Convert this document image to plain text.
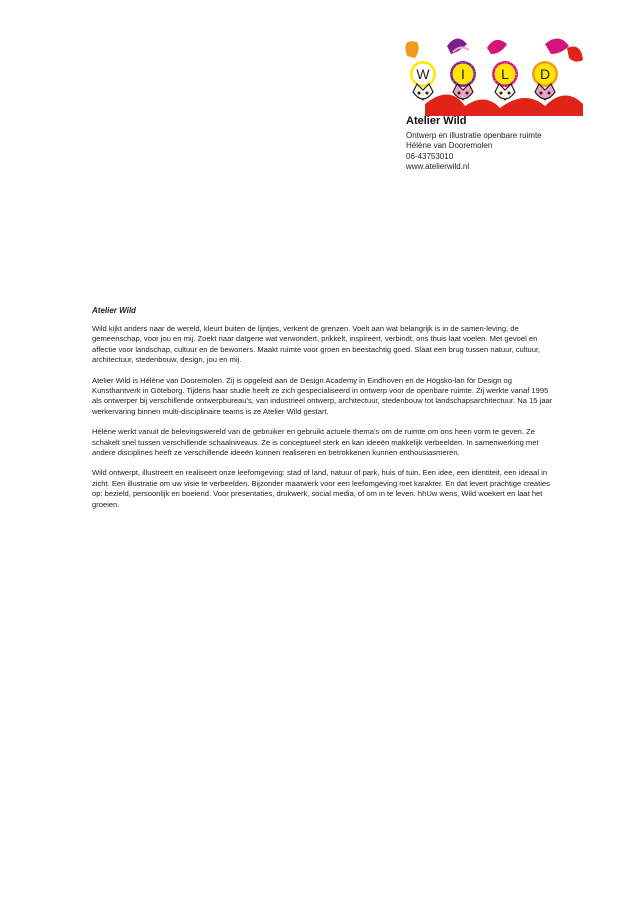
W I	L D
Atelier Wild
Ontwerp en illustratie openbare ruimte
Hélène van Dooremolen
06-43753010
www.atelierwild.nl

Atelier Wild

Wild kijkt anders naar de wereld, kleurt buiten de lijntjes, verkent de grenzen. Voelt aan wat belangrijk is in de samen-leving, de gemeenschap, voor jou en mij. Zoekt naar datgene wat verwondert, prikkelt, inspireert, verbindt, ons thuis laat voelen. Met gevoel en affectie voor landschap, cultuur en de bewoners. Maakt ruimte voor groen en beestachtig goed. Slaat een brug tussen natuur, cultuur, architectuur, stedenbouw, design, jou en mij.

Atelier Wild is Hélène van Dooremolen. Zij is opgeleid aan de Design Academy in Eindhoven en de Högsko-lan för Design og Kunsthantverk in Göteborg. Tijdens haar studie heeft ze zich gespecialiseerd in ontwerp voor de openbare ruimte. Zij werkte vanaf 1995 als ontwerper bij verschillende ontwerpbureau's, van industrieel ontwerp, architectuur, stedenbouw tot landschapsarchitectuur. Na 15 jaar werkervaring binnen multi-disciplinaire teams is ze Atelier Wild gestart.

Hélène werkt vanuit de belevingswereld van de gebruiker en gebruikt actuele thema's om de ruimte om ons heen vorm te geven. Ze schakelt snel tussen verschillende schaalniveaus. Ze is conceptueel sterk en kan ideeën makkelijk verbeelden. In samenwerking met andere disciplines heeft ze verschillende ideeën kunnen realiseren en betrokkenen kunnen enthousiasmeren.

Wild ontwerpt, illustreert en realiseert onze leefomgeving: stad of land, natuur of park, huis of tuin. Een idee, een identiteit, een ideaal in zicht. Een illustratie om uw visie te verbeelden. Bijzonder maatwerk voor een leefomgeving met karakter. En dat levert prachtige creaties op: bezield, persoonlijk en boeiend. Voor presentaties, drukwerk, social media, of om in te leven. hhUw wens, Wild woekert en laat het groeien.
